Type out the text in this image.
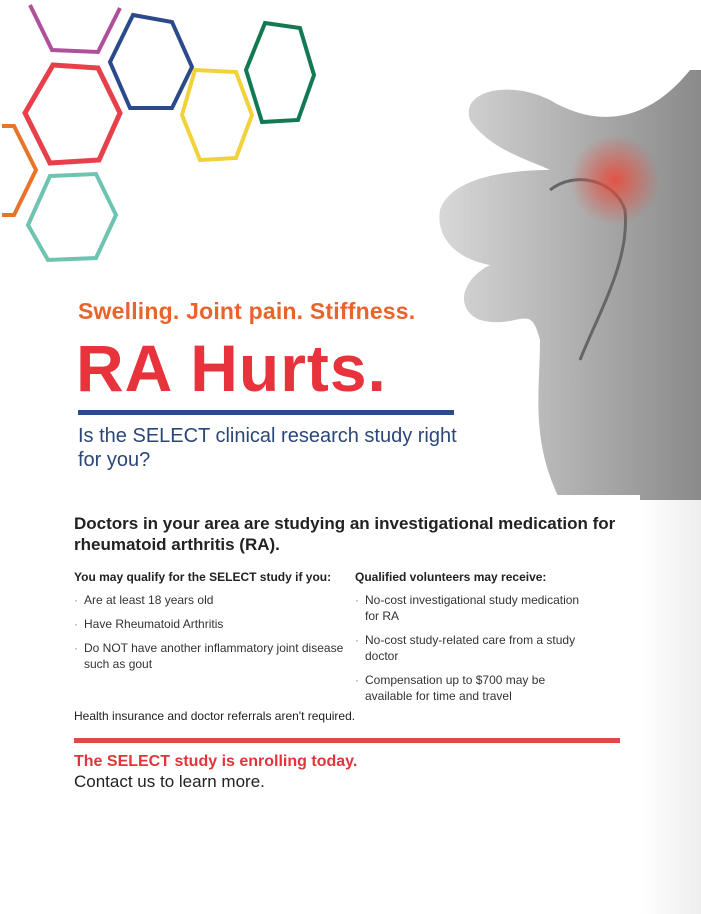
Swelling. Joint pain. Stiffness.
RA Hurts.
Is the SELECT clinical research study right for you?
Doctors in your area are studying an investigational medication for rheumatoid arthritis (RA).
You may qualify for the SELECT study if you:
· Are at least 18 years old
· Have Rheumatoid Arthritis
· Do NOT have another inflammatory joint disease such as gout
Qualified volunteers may receive:
· No-cost investigational study medication for RA
· No-cost study-related care from a study doctor
· Compensation up to $700 may be available for time and travel
Health insurance and doctor referrals aren't required.
The SELECT study is enrolling today.
Contact us to learn more.
